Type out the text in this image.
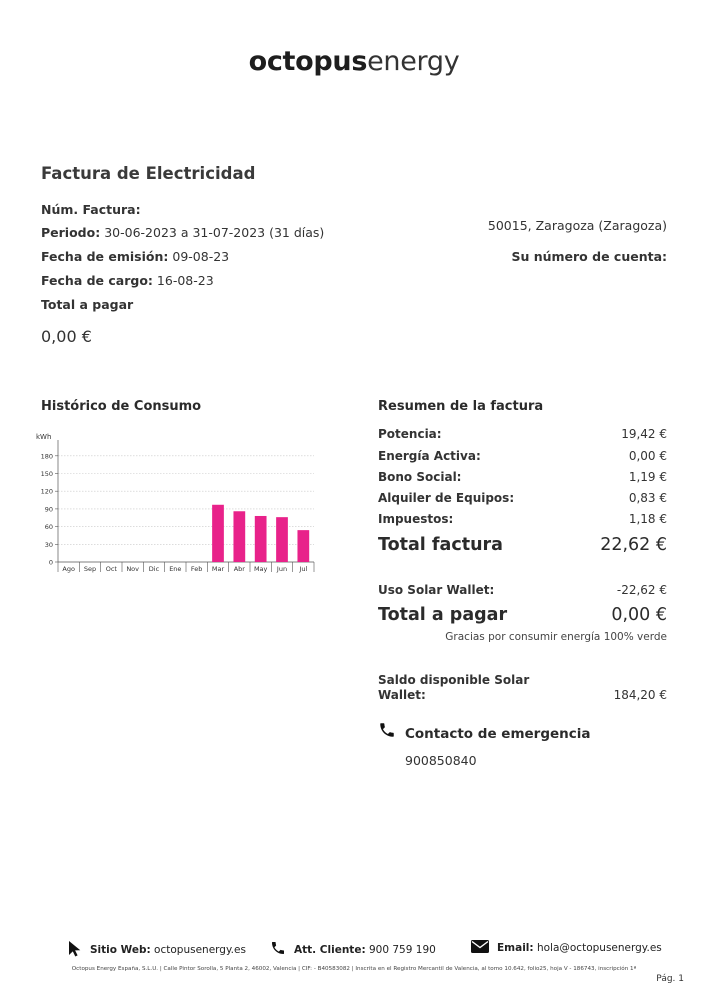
octopusenergy
Factura de Electricidad
Núm. Factura:
Periodo: 30-06-2023 a 31-07-2023 (31 días)
Fecha de emisión: 09-08-23
Fecha de cargo: 16-08-23
Total a pagar
0,00 €
50015, Zaragoza (Zaragoza)
Su número de cuenta:
Histórico de Consumo
kWh
0
30
60
90
120
150
180
Ago Sep Oct Nov Dic Ene Feb Mar Abr May Jun Jul
Resumen de la factura
Potencia:	19,42 €
Energía Activa:	0,00 €
Bono Social:	1,19 €
Alquiler de Equipos:	0,83 €
Impuestos:	1,18 €
Total factura	22,62 €
Uso Solar Wallet:	-22,62 €
Total a pagar	0,00 €
Gracias por consumir energía 100% verde
Saldo disponible Solar
Wallet:	184,20 €
Contacto de emergencia
900850840
Sitio Web: octopusenergy.es	Att. Cliente: 900 759 190	Email: hola@octopusenergy.es
Octopus Energy España, S.L.U. | Calle Pintor Sorolla, 5 Planta 2, 46002, Valencia | CIF: - B40583082 | Inscrita en el Registro Mercantil de Valencia, al tomo 10.642, folio25, hoja V - 186743, inscripción 1ª
Pág. 1
